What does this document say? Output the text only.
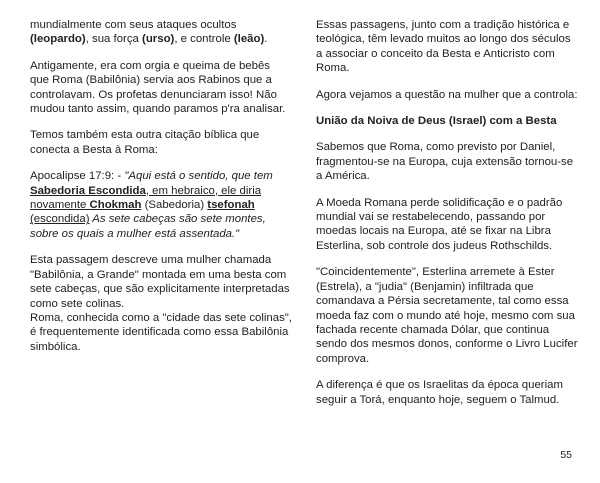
mundialmente com seus ataques ocultos
(leopardo), sua força (urso), e controle (leão).

Antigamente, era com orgia e queima de bebês que Roma (Babilônia) servia aos Rabinos que a controlavam. Os profetas denunciaram isso! Não mudou tanto assim, quando paramos p'ra analisar.

Temos também esta outra citação bíblica que conecta a Besta à Roma:

Apocalipse 17:9: - "Aqui está o sentido, que tem
Sabedoria Escondida, em hebraico, ele diria novamente Chokmah (Sabedoria) tsefonah
(escondida) As sete cabeças são sete montes, sobre os quais a mulher está assentada."

Esta passagem descreve uma mulher chamada "Babilônia, a Grande" montada em uma besta com sete cabeças, que são explicitamente interpretadas como sete colinas.

Roma, conhecida como a "cidade das sete colinas", é frequentemente identificada como essa Babilônia simbólica.

Essas passagens, junto com a tradição histórica e teológica, têm levado muitos ao longo dos séculos a associar o conceito da Besta e Anticristo com Roma.

Agora vejamos a questão na mulher que a controla:

União da Noiva de Deus (Israel) com a Besta

Sabemos que Roma, como previsto por Daniel, fragmentou-se na Europa, cuja extensão tornou-se a América.

A Moeda Romana perde solidificação e o padrão mundial vai se restabelecendo, passando por moedas locais na Europa, até se fixar na Libra Esterlina, sob controle dos judeus Rothschilds.

"Coincidentemente", Esterlina arremete à Ester (Estrela), a "judia" (Benjamin) infiltrada que comandava a Pérsia secretamente, tal como essa moeda faz com o mundo até hoje, mesmo com sua fachada recente chamada Dólar, que continua sendo dos mesmos donos, conforme o Livro Lucifer comprova.

A diferença é que os Israelitas da época queriam seguir a Torá, enquanto hoje, seguem o Talmud.

55
